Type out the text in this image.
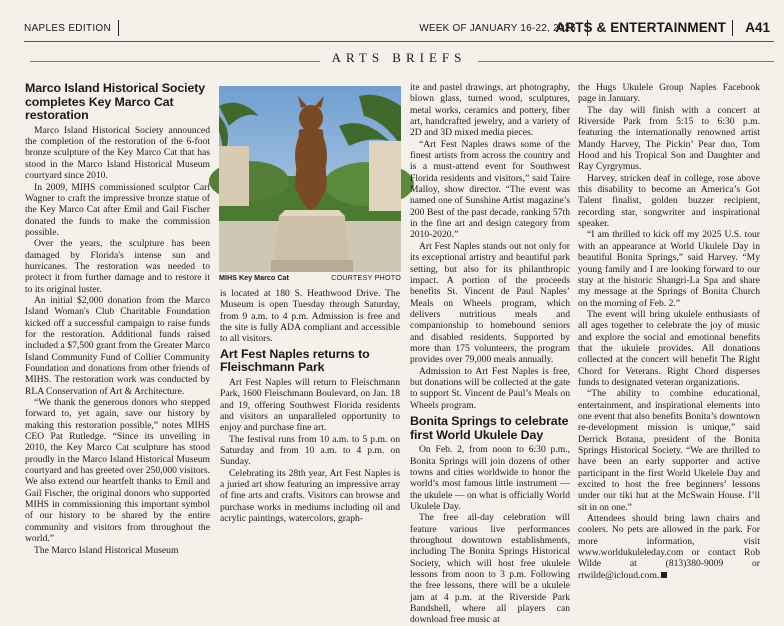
NAPLES EDITION	WEEK OF JANUARY 16-22, 2025
ARTS & ENTERTAINMENT A41
ARTS BRIEFS
Marco Island Historical Society completes Key Marco Cat restoration

Marco Island Historical Society announced the completion of the restoration of the 6-foot bronze sculpture of the Key Marco Cat that has stood in the Marco Island Historical Museum courtyard since 2010.

In 2009, MIHS commissioned sculptor Carl Wagner to craft the impressive bronze statue of the Key Marco Cat after Emil and Gail Fischer donated the funds to make the commission possible.

Over the years, the sculpture has been damaged by Florida's intense sun and hurricanes. The restoration was needed to protect it from further damage and to restore it to its original luster.

An initial $2,000 donation from the Marco Island Woman's Club Charitable Foundation kicked off a successful campaign to raise funds for the restoration. Additional funds raised included a $7,500 grant from the Greater Marco Island Community Fund of Collier Community Foundation and donations from other friends of MIHS. The restoration work was conducted by RLA Conservation of Art & Architecture.

“We thank the generous donors who stepped forward to, yet again, save our history by making this restoration possible,” notes MIHS CEO Pat Rutledge. “Since its unveiling in 2010, the Key Marco Cat sculpture has stood proudly in the Marco Island Historical Museum courtyard and has greeted over 250,000 visitors. We also extend our heartfelt thanks to Emil and Gail Fischer, the original donors who supported MIHS in commissioning this important symbol of our history to be shared by the entire community and visitors from throughout the world.”

The Marco Island Historical Museum

MIHS Key Marco Cat	COURTESY PHOTO

is located at 180 S. Heathwood Drive. The Museum is open Tuesday through Saturday, from 9 a.m. to 4 p.m. Admission is free and the site is fully ADA compliant and accessible to all visitors.

Art Fest Naples returns to Fleischmann Park

Art Fest Naples will return to Fleischmann Park, 1600 Fleischmann Boulevard, on Jan. 18 and 19, offering Southwest Florida residents and visitors an unparalleled opportunity to enjoy and purchase fine art.

The festival runs from 10 a.m. to 5 p.m. on Saturday and from 10 a.m. to 4 p.m. on Sunday.

Celebrating its 28th year, Art Fest Naples is a juried art show featuring an impressive array of fine arts and crafts. Visitors can browse and purchase works in mediums including oil and acrylic paintings, watercolors, graph-

ite and pastel drawings, art photography, blown glass, turned wood, sculptures, metal works, ceramics and pottery, fiber art, handcrafted jewelry, and a variety of 2D and 3D mixed media pieces.

“Art Fest Naples draws some of the finest artists from across the country and is a must-attend event for Southwest Florida residents and visitors,” said Taire Malloy, show director. “The event was named one of Sunshine Artist magazine’s 200 Best of the past decade, ranking 57th in the fine art and design category from 2010-2020.”

Art Fest Naples stands out not only for its exceptional artistry and beautiful park setting, but also for its philanthropic impact. A portion of the proceeds benefits St. Vincent de Paul Naples’ Meals on Wheels program, which delivers nutritious meals and companionship to homebound seniors and disabled residents. Supported by more than 175 volunteers, the program provides over 79,000 meals annually.

Admission to Art Fest Naples is free, but donations will be collected at the gate to support St. Vincent de Paul’s Meals on Wheels program.

Bonita Springs to celebrate first World Ukulele Day

On Feb. 2, from noon to 6:30 p.m., Bonita Springs will join dozens of other towns and cities worldwide to honor the world’s most famous little instrument — the ukulele — on what is officially World Ukulele Day.

The free all-day celebration will feature various live performances throughout downtown establishments, including The Bonita Springs Historical Society, which will host free ukulele lessons from noon to 3 p.m. Following the free lessons, there will be a ukulele jam at 4 p.m. at the Riverside Park Bandshell, where all players can download free music at

the Hugs Ukulele Group Naples Facebook page in January.

The day will finish with a concert at Riverside Park from 5:15 to 6:30 p.m. featuring the internationally renowned artist Mandy Harvey, The Pickin’ Pear duo, Tom Hood and his Tropical Son and Daughter and Ray Cyrgrymus.

Harvey, stricken deaf in college, rose above this disability to become an America’s Got Talent finalist, golden buzzer recipient, recording star, songwriter and inspirational speaker.

“I am thrilled to kick off my 2025 U.S. tour with an appearance at World Ukulele Day in beautiful Bonita Springs,” said Harvey. “My young family and I are looking forward to our stay at the historic Shangri-La Spa and share my message at the Springs of Bonita Church on the morning of Feb. 2.”

The event will bring ukulele enthusiasts of all ages together to celebrate the joy of music and explore the social and emotional benefits that the ukulele provides. All donations collected at the concert will benefit The Right Chord for Veterans. Right Chord disperses funds to designated veteran organizations.

“The ability to combine educational, entertainment, and inspirational elements into one event that also benefits Bonita’s downtown re-development mission is unique,” said Derrick Botana, president of the Bonita Springs Historical Society. “We are thrilled to have been an early supporter and active participant in the first World Ukelele Day and excited to host the free beginners’ lessons under our tiki hut at the McSwain House. I’ll sit in on one.”

Attendees should bring lawn chairs and coolers. No pets are allowed in the park. For more information, visit www.worldukuleleday.com or contact Rob Wilde at (813)380-9009 or rtwilde@icloud.com.
